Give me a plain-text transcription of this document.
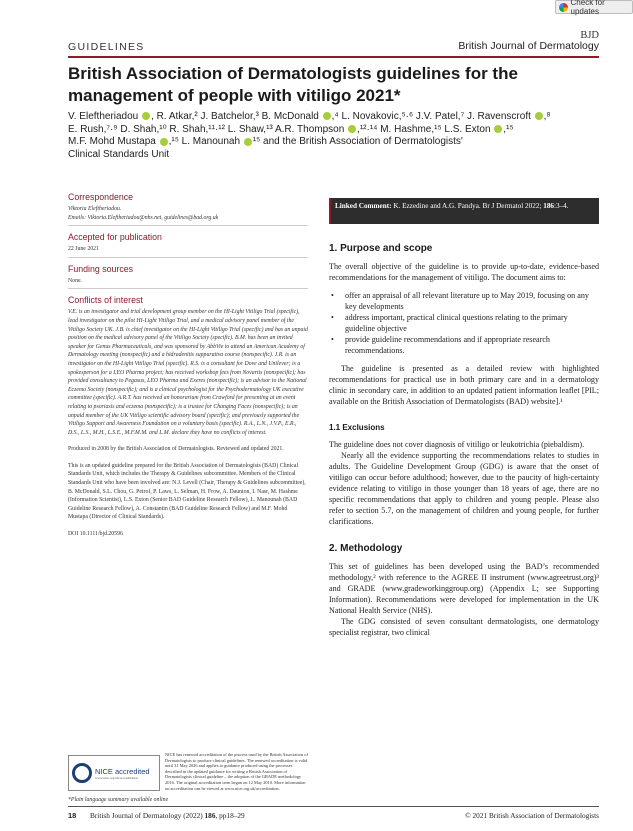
Check for updates
GUIDELINES
BJD
British Journal of Dermatology
British Association of Dermatologists guidelines for the management of people with vitiligo 2021*
V. Eleftheriadou , R. Atkar,² J. Batchelor,³ B. McDonald ,⁴ L. Novakovic,⁵·⁶ J.V. Patel,⁷ J. Ravenscroft ,⁸
E. Rush,⁷·⁹ D. Shah,¹⁰ R. Shah,¹¹·¹² L. Shaw,¹³ A.R. Thompson ,¹²·¹⁴ M. Hashme,¹⁵ L.S. Exton ,¹⁵
M.F. Mohd Mustapa ,¹⁵ L. Manounah ¹⁵ and the British Association of Dermatologists'
Clinical Standards Unit
Correspondence
Viktoria Eleftheriadou.
Emails: Viktoria.Eleftheriadou@nhs.net, guidelines@bad.org.uk
Accepted for publication
22 June 2021
Funding sources
None.
Conflicts of interest
V.E. is an investigator and trial development group member on the HI-Light Vitiligo Trial (specific), lead investigator on the pilot HI-Light Vitiligo Trial, and a medical advisory panel member of the Vitiligo Society UK. J.B. is chief investigator on the HI-Light Vitiligo Trial (specific) and has an unpaid position on the medical advisory panel of the Vitiligo Society (specific). B.M. has been an invited speaker for Genus Pharmaceuticals, and was sponsored by AbbVie to attend an American Academy of Dermatology meeting (nonspecific) and a hidradenitis suppurativa course (nonspecific). J.R. is an investigator on the HI-Light Vitiligo Trial (specific). R.S. is a consultant for Dove and Unilever; is a spokesperson for a LEO Pharma project; has received workshop fees from Novartis (nonspecific); has provided consultancy to Pegasus, LEO Pharma and Exeres (nonspecific); is an advisor to the National Eczema Society (nonspecific); and is a clinical psychologist for the Psychodermatology UK executive committee (specific). A.R.T. has received an honorarium from Crawford for presenting at an event relating to psoriasis and eczema (nonspecific); is a trustee for Changing Faces (nonspecific); is an unpaid member of the UK Vitiligo scientific advisory board (specific); and previously supported the Vitiligo Support and Awareness Foundation on a voluntary basis (specific). R.A., L.N., J.V.P., E.R., D.S., L.S., M.H., L.S.E., M.F.M.M. and L.M. declare they have no conflicts of interest.
Produced in 2008 by the British Association of Dermatologists. Reviewed and updated 2021.
This is an updated guideline prepared for the British Association of Dermatologists (BAD) Clinical Standards Unit, which includes the Therapy & Guidelines subcommittee. Members of the Clinical Standards Unit who have been involved are: N.J. Levell (Chair, Therapy & Guidelines subcommittee), B. McDonald, S.L. Chou, G. Petrof, P. Laws, L. Selman, H. Frow, A. Daunton, I. Nasr, M. Hashme (Information Scientist), L.S. Exton (Senior BAD Guideline Research Fellow), L. Manounah (BAD Guideline Research Fellow), A. Constantin (BAD Guideline Research Fellow) and M.F. Mohd Mustapa (Director of Clinical Standards).
DOI 10.1111/bjd.20596
NICE accredited
www.nice.org.uk/accreditation
NICE has renewed accreditation of the process used by the British Association of Dermatologists to produce clinical guidelines. The renewed accreditation is valid until 31 May 2026 and applies to guidance produced using the processes described in the updated guidance for writing a British Association of Dermatologists clinical guideline – the adoption of the GRADE methodology 2016. The original accreditation term began on 12 May 2010. More information on accreditation can be viewed at www.nice.org.uk/accreditation.
*Plain language summary available online
Linked Comment: K. Ezzedine and A.G. Pandya. Br J Dermatol 2022; 186:3–4.
1. Purpose and scope

The overall objective of the guideline is to provide up-to-date, evidence-based recommendations for the management of vitiligo. The document aims to:

• offer an appraisal of all relevant literature up to May 2019, focusing on any key developments
• address important, practical clinical questions relating to the primary guideline objective
• provide guideline recommendations and if appropriate research recommendations.

The guideline is presented as a detailed review with highlighted recommendations for practical use in both primary care and in a dermatology clinic in secondary care, in addition to an updated patient information leaflet [PIL; available on the British Association of Dermatologists (BAD) website].¹

1.1 Exclusions

The guideline does not cover diagnosis of vitiligo or leukotrichia (piebaldism).

Nearly all the evidence supporting the recommendations relates to studies in adults. The Guideline Development Group (GDG) is aware that the onset of vitiligo can occur before adulthood; however, due to the paucity of high-certainty evidence relating to vitiligo in those younger than 18 years of age, there are no specific recommendations that apply to children and young people. Please also refer to section 5.7, on the management of children and young people, for further clarifications.

2. Methodology

This set of guidelines has been developed using the BAD’s recommended methodology,² with reference to the AGREE II instrument (www.agreetrust.org)³ and GRADE (www.gradeworkinggroup.org) (Appendix L; see Supporting Information). Recommendations were developed for implementation in the UK National Health Service (NHS).

The GDG consisted of seven consultant dermatologists, one dermatology specialist registrar, two clinical

18 British Journal of Dermatology (2022) 186, pp18–29	© 2021 British Association of Dermatologists
